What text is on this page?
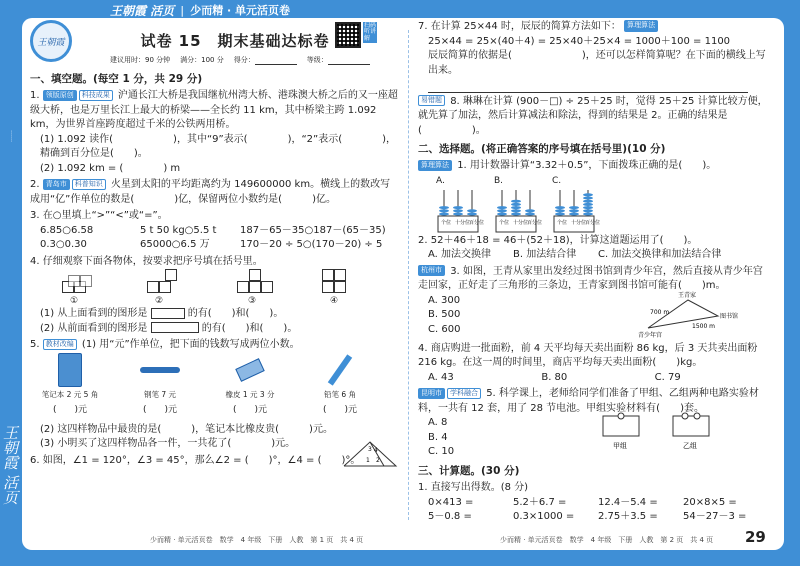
王朝霞 活页 | 少而精 · 单元活页卷
……
王朝霞 活页
王朝霞	试卷 15　期末基础达标卷
扫码听讲解
建议用时：90 分钟 满分：100 分 得分：	等级：
一、填空题。(每空 1 分，共 29 分)
1. 领版原创 科技成果 沪通长江大桥是我国继杭州湾大桥、港珠澳大桥之后的又一座超级大桥，也是万里长江上最大的桥梁——全长约 11 km，其中桥梁主跨 1.092 km，为世界首座跨度超过千米的公铁两用桥。
(1) 1.092 读作(　　　　　　)，其中“9”表示(　　　　)，“2”表示(　　　　)，精确到百分位是(　　)。
(2) 1.092 km = (　　　　) m
2. 青岛市 科普知识 火星到太阳的平均距离约为 149600000 km。横线上的数改写成用“亿”作单位的数是(　　　　)亿，保留两位小数约是(　　　)亿。
3. 在○里填上“>”“<”或“=”。
6.85○6.58	5 t 50 kg○5.5 t	187－65－35○187－(65－35)
0.3○0.30	65000○6.5 万	170－20 ÷ 5○(170－20) ÷ 5
4. 仔细观察下面各物体，按要求把序号填在括号里。
①	②	③	④
(1) 从上面看到的图形是	的有(　　)和(　　)。
(2) 从前面看到的图形是	的有(　　)和(　　)。
5. 教材改编 (1) 用“元”作单位，把下面的钱数写成两位小数。
笔记本 2 元 5 角
(　　)元
钢笔 7 元
(　　)元
橡皮 1 元 3 分
(　　)元
铅笔 6 角
(　　)元
(2) 这四样物品中最贵的是(　　　)，笔记本比橡皮贵(　　　)元。
(3) 小明买了这四样物品各一件，一共花了(　　　　)元。
6. 如图，∠1 = 120°，∠3 = 45°，那么∠2 = (　　)°，∠4 = (　　)°。 1 2
3 4
7. 在计算 25×44 时，辰辰的简算方法如下： 算理算法
25×44 = 25×(40＋4) = 25×40＋25×4 = 1000＋100 = 1100
辰辰简算的依据是(　　　　　　　)，还可以怎样简算呢？在下面的横线上写出来。
易错题 8. 琳琳在计算 (900－□) ÷ 25＋25 时，觉得 25＋25 计算比较方便，就先算了加法，然后计算减法和除法，得到的结果是 2。正确的结果是(　　　　　)。
二、选择题。(将正确答案的序号填在括号里)(10 分)
算理算法 1. 用计数器计算“3.32＋0.5”，下面拨珠正确的是(　　)。
A.
个位 十分位
百分位
B.
个位 十分位
百分位
C.
个位 十分位
百分位
2. 52＋46＋18 = 46＋(52＋18)，计算这道题运用了(　　)。
A. 加法交换律	B. 加法结合律	C. 加法交换律和加法结合律
杭州市 3. 如图，王青从家里出发经过图书馆到青少年宫，然后直接从青少年宫走回家，正好走了三角形的三条边，王青家到图书馆可能有(　　)m。
A. 300
B. 500
C. 600
王青家
图书馆
青少年宫
700 m
1500 m
4. 商店购进一批面粉，前 4 天平均每天卖出面粉 86 kg，后 3 天共卖出面粉 216 kg。在这一周的时间里，商店平均每天卖出面粉(　　)kg。
A. 43	B. 80	C. 79
昆明市 学科融合 5. 科学课上，老师给同学们准备了甲组、乙组两种电路实验材料，一共有 12 套，用了 28 节电池。甲组实验材料有(　　)套。
A. 8
B. 4
C. 10	甲组	乙组
三、计算题。(30 分)
1. 直接写出得数。(8 分)
0×413 =	5.2＋6.7 =	12.4－5.4 =	20×8×5 =
5－0.8 =	0.3×1000 =	2.75＋3.5 =	54－27－3 =
少而精 · 单元活页卷　数学　4 年级　下册　人教　第 1 页　共 4 页	少而精 · 单元活页卷　数学　4 年级　下册　人教　第 2 页　共 4 页 29
